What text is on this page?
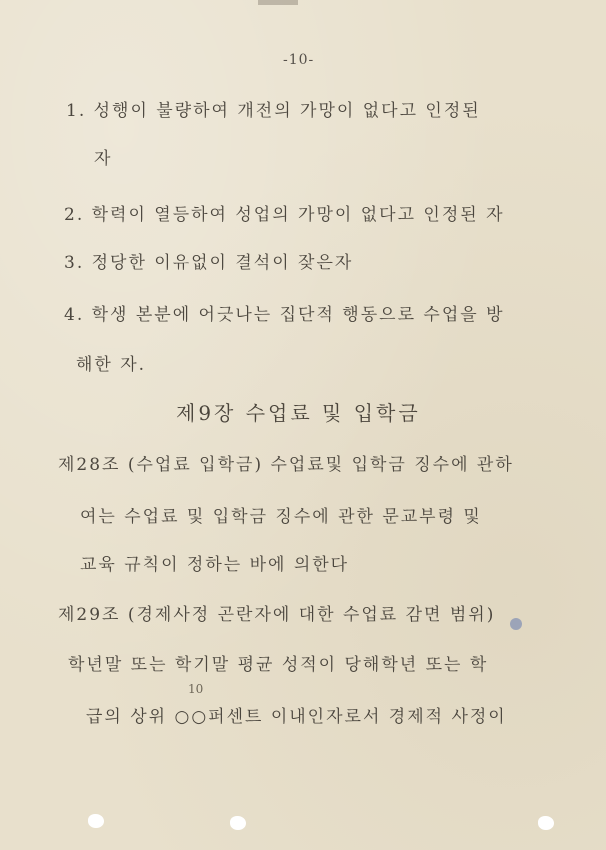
-10-
1. 성행이 불량하여 개전의 가망이 없다고 인정된
자
2. 학력이 열등하여 성업의 가망이 없다고 인정된 자
3. 정당한 이유없이 결석이 잦은자
4. 학생 본분에 어긋나는 집단적 행동으로 수업을 방
해한 자.
제9장 수업료 및 입학금
제28조 (수업료 입학금) 수업료및 입학금 징수에 관하
여는 수업료 및 입학금 징수에 관한 문교부령 및
교육 규칙이 정하는 바에 의한다
제29조 (경제사정 곤란자에 대한 수업료 감면 범위)
학년말 또는 학기말 평균 성적이 당해학년 또는 학
급의 상위 ○○퍼센트 이내인자로서 경제적 사정이
10
